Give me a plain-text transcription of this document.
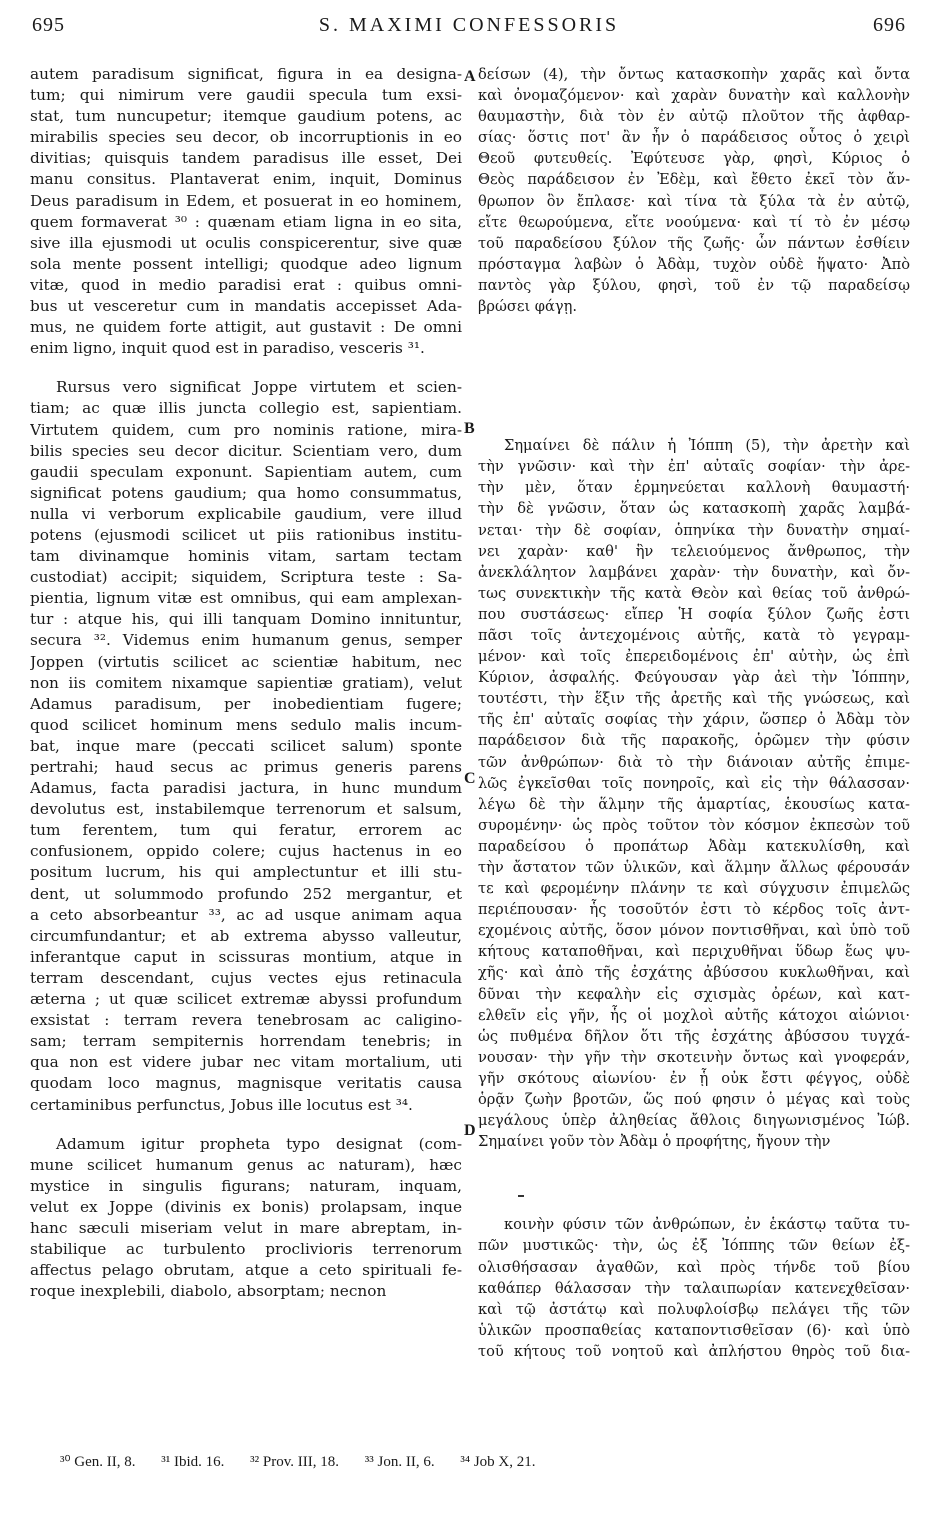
695	S. MAXIMI CONFESSORIS	696
autem paradisum significat, figura in ea designa-
tum; qui nimirum vere gaudii specula tum exsi-
stat, tum nuncupetur; itemque gaudium potens, ac
mirabilis species seu decor, ob incorruptionis in eo
divitias; quisquis tandem paradisus ille esset, Dei
manu consitus. Plantaverat enim, inquit, Dominus
Deus paradisum in Edem, et posuerat in eo hominem,
quem formaverat ³⁰ : quænam etiam ligna in eo sita,
sive illa ejusmodi ut oculis conspicerentur, sive quæ
sola mente possent intelligi; quodque adeo lignum
vitæ, quod in medio paradisi erat : quibus omni-
bus ut vesceretur cum in mandatis accepisset Ada-
mus, ne quidem forte attigit, aut gustavit : De omni
enim ligno, inquit quod est in paradiso, vesceris ³¹.
Rursus vero significat Joppe virtutem et scien-
tiam; ac quæ illis juncta collegio est, sapientiam.
Virtutem quidem, cum pro nominis ratione, mira-
bilis species seu decor dicitur. Scientiam vero, dum
gaudii speculam exponunt. Sapientiam autem, cum
significat potens gaudium; qua homo consummatus,
nulla vi verborum explicabile gaudium, vere illud
potens (ejusmodi scilicet ut piis rationibus institu-
tam divinamque hominis vitam, sartam tectam
custodiat) accipit; siquidem, Scriptura teste : Sa-
pientia, lignum vitæ est omnibus, qui eam amplexan-
tur : atque his, qui illi tanquam Domino innituntur,
secura ³². Videmus enim humanum genus, semper
Joppen (virtutis scilicet ac scientiæ habitum, nec
non iis comitem nixamque sapientiæ gratiam), velut
Adamus paradisum, per inobedientiam fugere;
quod scilicet hominum mens sedulo malis incum-
bat, inque mare (peccati scilicet salum) sponte
pertrahi; haud secus ac primus generis parens
Adamus, facta paradisi jactura, in hunc mundum
devolutus est, instabilemque terrenorum et salsum,
tum ferentem, tum qui feratur, errorem ac
confusionem, oppido colere; cujus hactenus in eo
positum lucrum, his qui amplectuntur et illi stu-
dent, ut solummodo profundo 252 mergantur, et
a ceto absorbeantur ³³, ac ad usque animam aqua
circumfundantur; et ab extrema abysso valleutur,
inferantque caput in scissuras montium, atque in
terram descendant, cujus vectes ejus retinacula
æterna ; ut quæ scilicet extremæ abyssi profundum
exsistat : terram revera tenebrosam ac caligino-
sam; terram sempiternis horrendam tenebris; in
qua non est videre jubar nec vitam mortalium, uti
quodam loco magnus, magnisque veritatis causa
certaminibus perfunctus, Jobus ille locutus est ³⁴.
Adamum igitur propheta typo designat (com-
mune scilicet humanum genus ac naturam), hæc
mystice in singulis figurans; naturam, inquam,
velut ex Joppe (divinis ex bonis) prolapsam, inque
hanc sæculi miseriam velut in mare abreptam, in-
stabilique ac turbulento proclivioris terrenorum
affectus pelago obrutam, atque a ceto spirituali fe-
roque inexplebili, diabolo, absorptam; necnon
δείσων (4), τὴν ὄντως κατασκοπὴν χαρᾶς καὶ ὄντα
καὶ ὀνομαζόμενον· καὶ χαρὰν δυνατὴν καὶ καλλονὴν
θαυμαστὴν, διὰ τὸν ἐν αὐτῷ πλοῦτον τῆς ἀφθαρ-
σίας· ὅστις ποτ' ἂν ἦν ὁ παράδεισος οὗτος ὁ χειρὶ
Θεοῦ φυτευθείς. Ἐφύτευσε γὰρ, φησὶ, Κύριος ὁ
Θεὸς παράδεισον ἐν Ἐδὲμ, καὶ ἔθετο ἐκεῖ τὸν ἄν-
θρωπον ὃν ἔπλασε· καὶ τίνα τὰ ξύλα τὰ ἐν αὐτῷ,
εἴτε θεωρούμενα, εἴτε νοούμενα· καὶ τί τὸ ἐν μέσῳ
τοῦ παραδείσου ξύλον τῆς ζωῆς· ὧν πάντων ἐσθίειν
πρόσταγμα λαβὼν ὁ Ἀδὰμ, τυχὸν οὐδὲ ἥψατο· Ἀπὸ
παντὸς γὰρ ξύλου, φησὶ, τοῦ ἐν τῷ παραδείσῳ
βρώσει φάγῃ.
Σημαίνει δὲ πάλιν ἡ Ἰόππη (5), τὴν ἀρετὴν καὶ
τὴν γνῶσιν· καὶ τὴν ἐπ' αὐταῖς σοφίαν· τὴν ἀρε-
τὴν μὲν, ὅταν ἑρμηνεύεται καλλονὴ θαυμαστή·
τὴν δὲ γνῶσιν, ὅταν ὡς κατασκοπὴ χαρᾶς λαμβά-
νεται· τὴν δὲ σοφίαν, ὁπηνίκα τὴν δυνατὴν σημαί-
νει χαρὰν· καθ' ἣν τελειούμενος ἄνθρωπος, τὴν
ἀνεκλάλητον λαμβάνει χαρὰν· τὴν δυνατὴν, καὶ ὄν-
τως συνεκτικὴν τῆς κατὰ Θεὸν καὶ θείας τοῦ ἀνθρώ-
που συστάσεως· εἴπερ Ἡ σοφία ξύλον ζωῆς ἐστι
πᾶσι τοῖς ἀντεχομένοις αὐτῆς, κατὰ τὸ γεγραμ-
μένον· καὶ τοῖς ἐπερειδομένοις ἐπ' αὐτὴν, ὡς ἐπὶ
Κύριον, ἀσφαλής. Φεύγουσαν γὰρ ἀεὶ τὴν Ἰόππην,
τουτέστι, τὴν ἕξιν τῆς ἀρετῆς καὶ τῆς γνώσεως, καὶ
τῆς ἐπ' αὐταῖς σοφίας τὴν χάριν, ὥσπερ ὁ Ἀδὰμ τὸν
παράδεισον διὰ τῆς παρακοῆς, ὁρῶμεν τὴν φύσιν
τῶν ἀνθρώπων· διὰ τὸ τὴν διάνοιαν αὐτῆς ἐπιμε-
λῶς ἐγκεῖσθαι τοῖς πονηροῖς, καὶ εἰς τὴν θάλασσαν·
λέγω δὲ τὴν ἅλμην τῆς ἁμαρτίας, ἑκουσίως κατα-
συρομένην· ὡς πρὸς τοῦτον τὸν κόσμον ἐκπεσὼν τοῦ
παραδείσου ὁ προπάτωρ Ἀδὰμ κατεκυλίσθη, καὶ
τὴν ἄστατον τῶν ὑλικῶν, καὶ ἅλμην ἄλλως φέρουσάν
τε καὶ φερομένην πλάνην τε καὶ σύγχυσιν ἐπιμελῶς
περιέπουσαν· ἧς τοσοῦτόν ἐστι τὸ κέρδος τοῖς ἀντ-
εχομένοις αὐτῆς, ὅσον μόνον ποντισθῆναι, καὶ ὑπὸ τοῦ
κήτους καταποθῆναι, καὶ περιχυθῆναι ὕδωρ ἕως ψυ-
χῆς· καὶ ἀπὸ τῆς ἐσχάτης ἀβύσσου κυκλωθῆναι, καὶ
δῦναι τὴν κεφαλὴν εἰς σχισμὰς ὀρέων, καὶ κατ-
ελθεῖν εἰς γῆν, ἧς οἱ μοχλοὶ αὐτῆς κάτοχοι αἰώνιοι·
ὡς πυθμένα δῆλον ὅτι τῆς ἐσχάτης ἀβύσσου τυγχά-
νουσαν· τὴν γῆν τὴν σκοτεινὴν ὄντως καὶ γνοφεράν,
γῆν σκότους αἰωνίου· ἐν ᾗ οὐκ ἔστι φέγγος, οὐδὲ
ὁρᾷν ζωὴν βροτῶν, ὥς πού φησιν ὁ μέγας καὶ τοὺς
μεγάλους ὑπὲρ ἀληθείας ἄθλοις διηγωνισμένος Ἰώβ.
Σημαίνει γοῦν τὸν Ἀδὰμ ὁ προφήτης, ἤγουν τὴν
κοινὴν φύσιν τῶν ἀνθρώπων, ἐν ἑκάστῳ ταῦτα τυ-
πῶν μυστικῶς· τὴν, ὡς ἐξ Ἰόππης τῶν θείων ἐξ-
ολισθήσασαν ἀγαθῶν, καὶ πρὸς τήνδε τοῦ βίου
καθάπερ θάλασσαν τὴν ταλαιπωρίαν κατενεχθεῖσαν·
καὶ τῷ ἀστάτῳ καὶ πολυφλοίσβῳ πελάγει τῆς τῶν
ὑλικῶν προσπαθείας καταποντισθεῖσαν (6)· καὶ ὑπὸ
τοῦ κήτους τοῦ νοητοῦ καὶ ἀπλήστου θηρὸς τοῦ δια-
A
B
C
D
³⁰ Gen. II, 8. ³¹ Ibid. 16. ³² Prov. III, 18. ³³ Jon. II, 6. ³⁴ Job X, 21.
